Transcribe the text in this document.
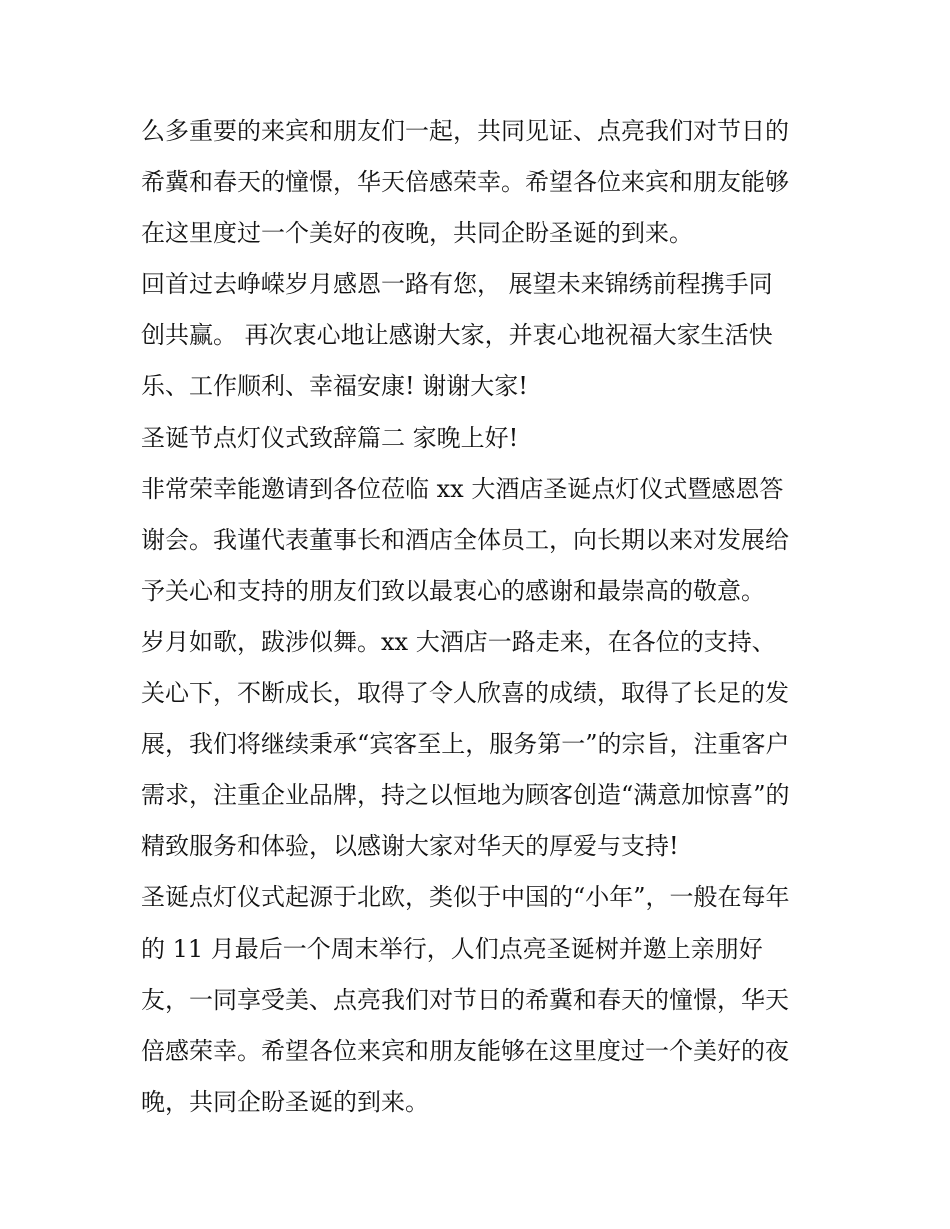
么多重要的来宾和朋友们一起，共同见证、点亮我们对节日的
希冀和春天的憧憬，华天倍感荣幸。希望各位来宾和朋友能够
在这里度过一个美好的夜晚，共同企盼圣诞的到来。
回首过去峥嵘岁月感恩一路有您， 展望未来锦绣前程携手同
创共赢。 再次衷心地让感谢大家，并衷心地祝福大家生活快
乐、工作顺利、幸福安康! 谢谢大家!
圣诞节点灯仪式致辞篇二 家晚上好!
非常荣幸能邀请到各位莅临 xx 大酒店圣诞点灯仪式暨感恩答
谢会。我谨代表董事长和酒店全体员工，向长期以来对发展给
予关心和支持的朋友们致以最衷心的感谢和最崇高的敬意。
岁月如歌，跋涉似舞。xx 大酒店一路走来，在各位的支持、
关心下，不断成长，取得了令人欣喜的成绩，取得了长足的发
展，我们将继续秉承“宾客至上，服务第一”的宗旨，注重客户
需求，注重企业品牌，持之以恒地为顾客创造“满意加惊喜”的
精致服务和体验，以感谢大家对华天的厚爱与支持!
圣诞点灯仪式起源于北欧，类似于中国的“小年”，一般在每年
的 11 月最后一个周末举行，人们点亮圣诞树并邀上亲朋好
友，一同享受美、点亮我们对节日的希冀和春天的憧憬，华天
倍感荣幸。希望各位来宾和朋友能够在这里度过一个美好的夜
晚，共同企盼圣诞的到来。
